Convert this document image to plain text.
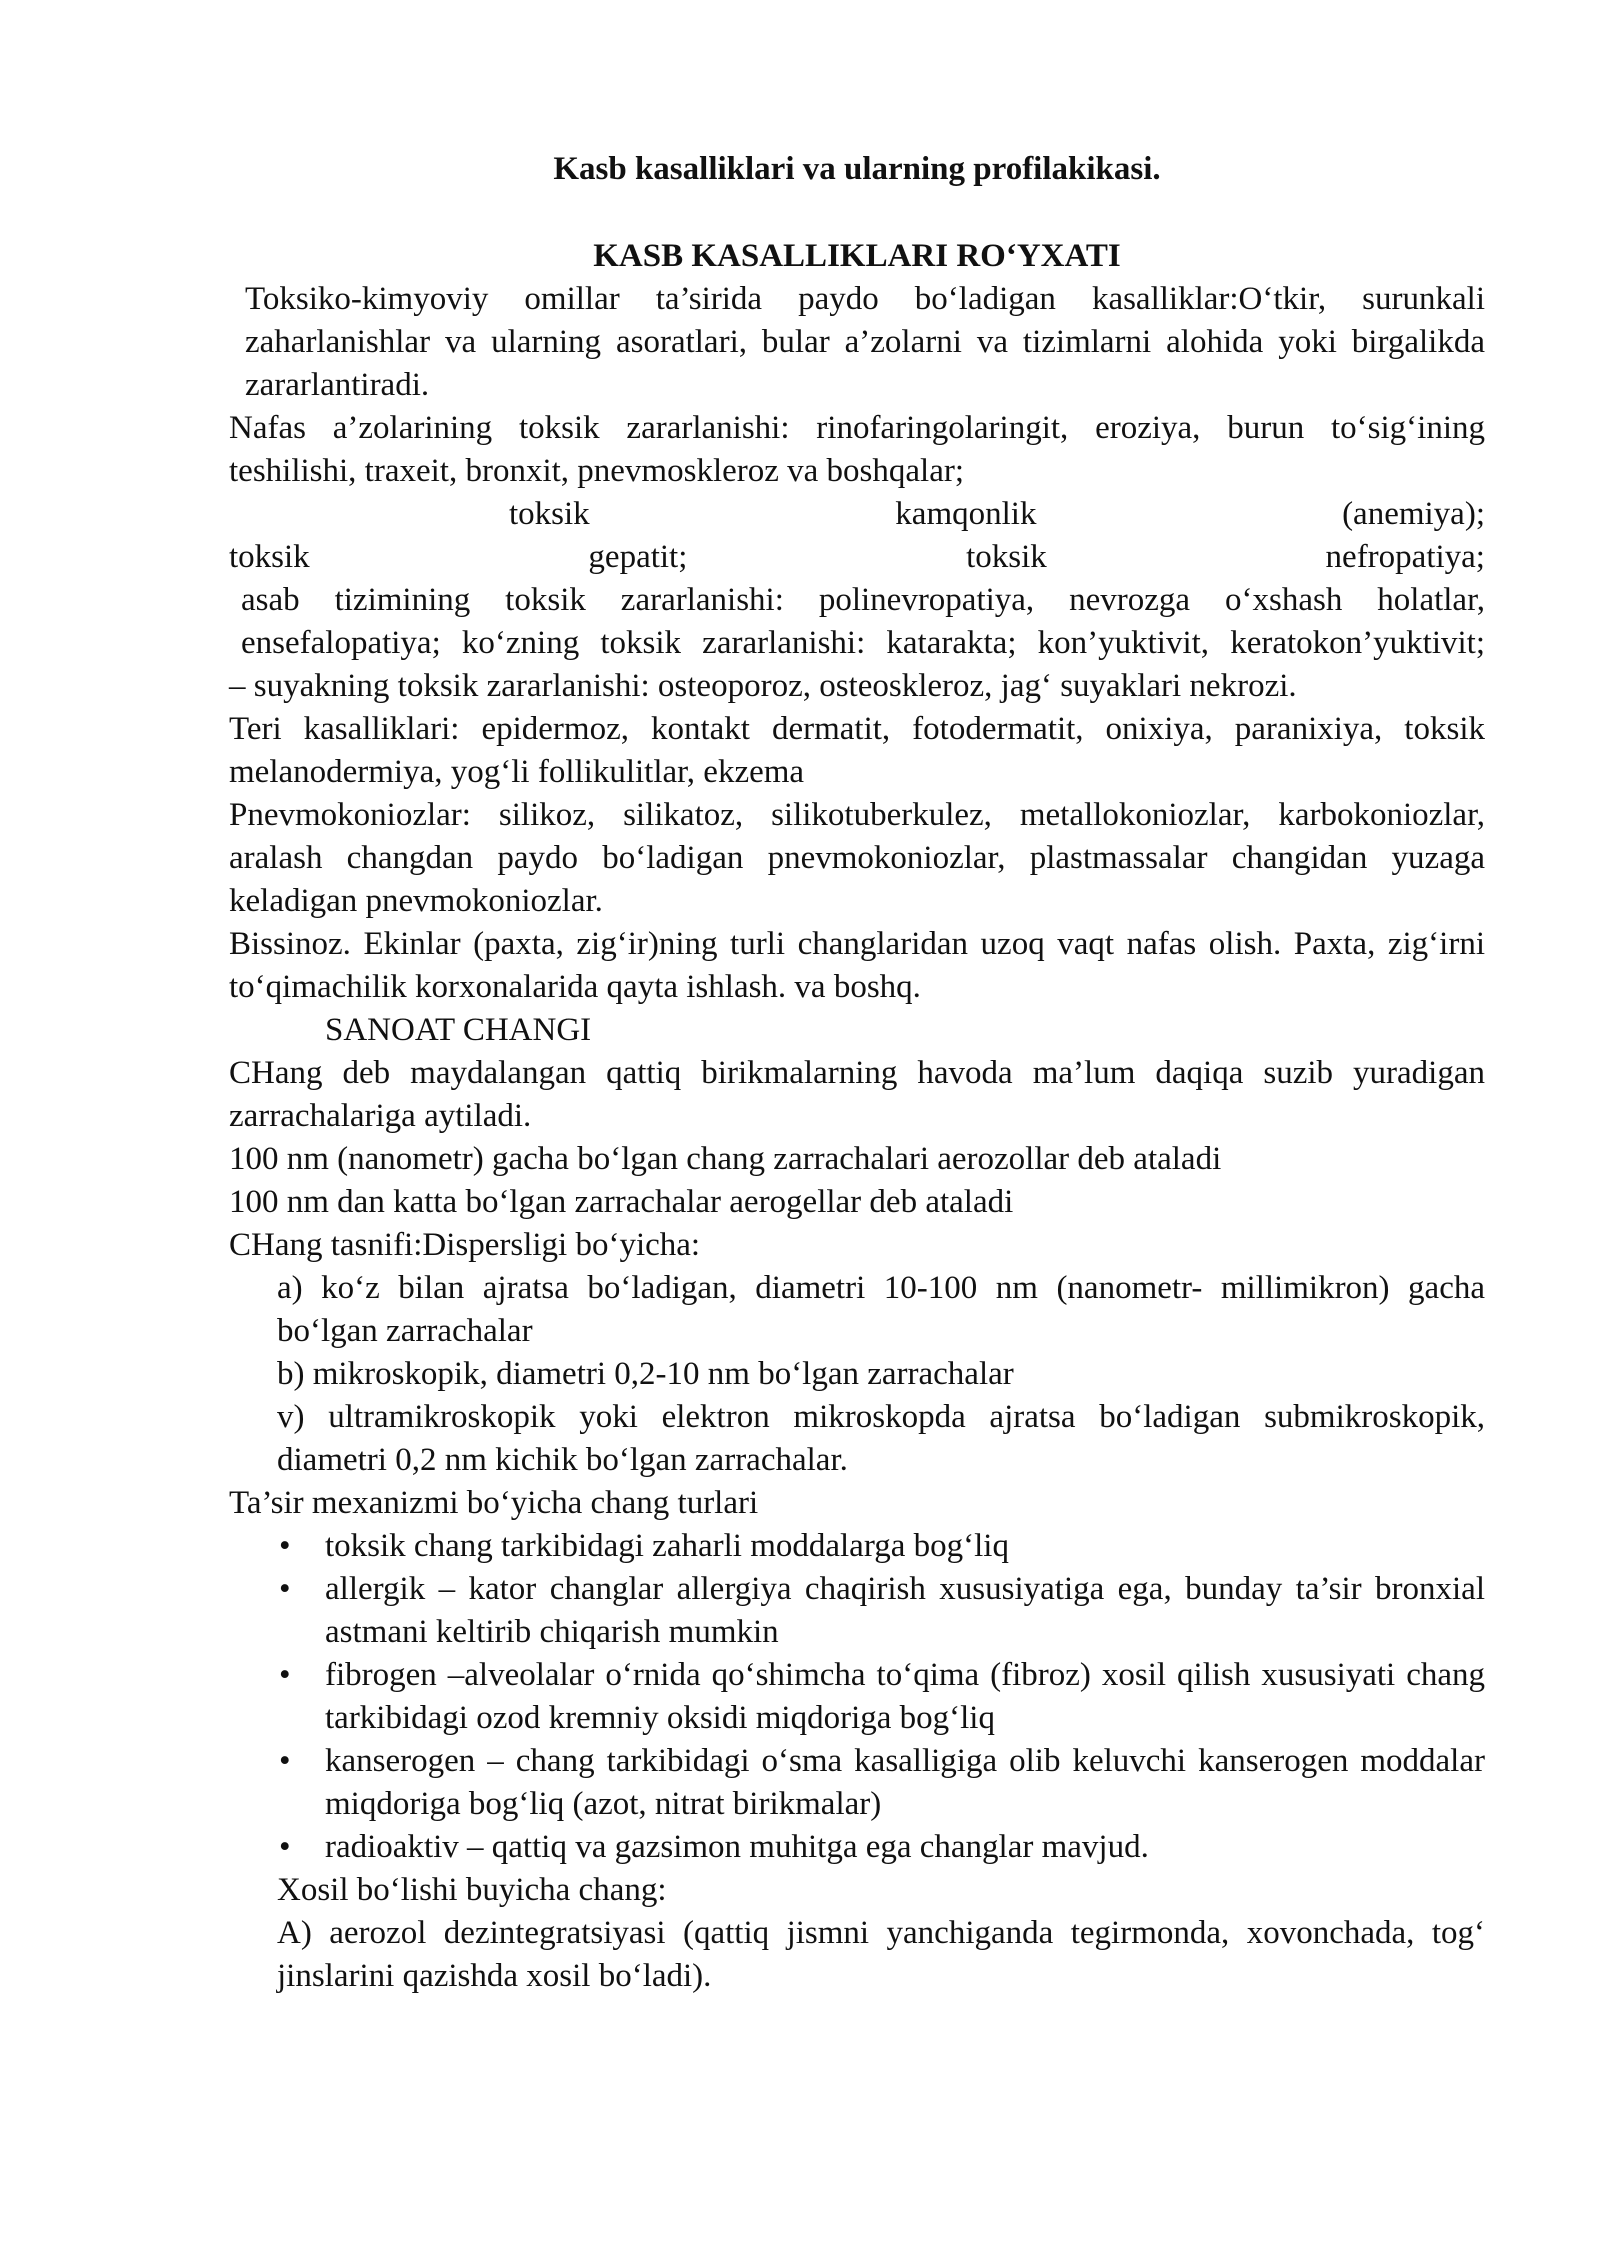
Kasb kasalliklari va ularning profilakikasi.
KASB KASALLIKLARI RO‘YXATI

Toksiko-kimyoviy omillar ta’sirida paydo bo‘ladigan kasalliklar:O‘tkir, surunkali zaharlanishlar va ularning asoratlari, bular a’zolarni va tizimlarni alohida yoki birgalikda zararlantiradi.

Nafas a’zolarining toksik zararlanishi: rinofaringolaringit, eroziya, burun to‘sig‘ining teshilishi, traxeit, bronxit, pnevmoskleroz va boshqalar;

toksik	kamqonlik	(anemiya);
toksik	gepatit;	toksik	nefropatiya;

asab tizimining toksik zararlanishi: polinevropatiya, nevrozga o‘xshash holatlar, ensefalopatiya; ko‘zning toksik zararlanishi: katarakta; kon’yuktivit, keratokon’yuktivit;

– suyakning toksik zararlanishi: osteoporoz, osteoskleroz, jag‘ suyaklari nekrozi.

Teri kasalliklari: epidermoz, kontakt dermatit, fotodermatit, onixiya, paranixiya, toksik melanodermiya, yog‘li follikulitlar, ekzema

Pnevmokoniozlar: silikoz, silikatoz, silikotuberkulez, metallokoniozlar, karbokoniozlar, aralash changdan paydo bo‘ladigan pnevmokoniozlar, plastmassalar changidan yuzaga keladigan pnevmokoniozlar.

Bissinoz. Ekinlar (paxta, zig‘ir)ning turli changlaridan uzoq vaqt nafas olish. Paxta, zig‘irni to‘qimachilik korxonalarida qayta ishlash. va boshq.

SANOAT CHANGI

CHang deb maydalangan qattiq birikmalarning havoda ma’lum daqiqa suzib yuradigan zarrachalariga aytiladi.

100 nm (nanometr) gacha bo‘lgan chang zarrachalari aerozollar deb ataladi

100 nm dan katta bo‘lgan zarrachalar aerogellar deb ataladi

CHang tasnifi:Dispersligi bo‘yicha:

a) ko‘z bilan ajratsa bo‘ladigan, diametri 10-100 nm (nanometr- millimikron) gacha bo‘lgan zarrachalar

b) mikroskopik, diametri 0,2-10 nm bo‘lgan zarrachalar

v) ultramikroskopik yoki elektron mikroskopda ajratsa bo‘ladigan submikroskopik, diametri 0,2 nm kichik bo‘lgan zarrachalar.

Ta’sir mexanizmi bo‘yicha chang turlari

• toksik chang tarkibidagi zaharli moddalarga bog‘liq
• allergik – kator changlar allergiya chaqirish xususiyatiga ega, bunday ta’sir bronxial astmani keltirib chiqarish mumkin
• fibrogen –alveolalar o‘rnida qo‘shimcha to‘qima (fibroz) xosil qilish xususiyati chang tarkibidagi ozod kremniy oksidi miqdoriga bog‘liq
• kanserogen – chang tarkibidagi o‘sma kasalligiga olib keluvchi kanserogen moddalar miqdoriga bog‘liq (azot, nitrat birikmalar)
• radioaktiv – qattiq va gazsimon muhitga ega changlar mavjud.

Xosil bo‘lishi buyicha chang:

A) aerozol dezintegratsiyasi (qattiq jismni yanchiganda tegirmonda, xovonchada, tog‘ jinslarini qazishda xosil bo‘ladi).
